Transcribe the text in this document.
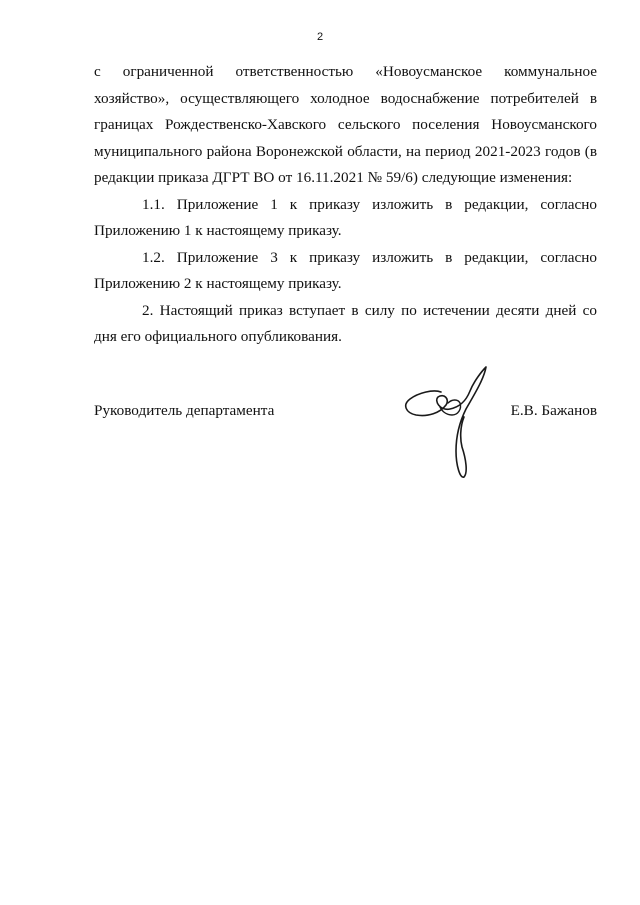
2

с ограниченной ответственностью «Новоусманское коммунальное хозяйство», осуществляющего холодное водоснабжение потребителей в границах Рождественско-Хавского сельского поселения Новоусманского муниципального района Воронежской области, на период 2021-2023 годов (в редакции приказа ДГРТ ВО от 16.11.2021 № 59/6) следующие изменения:

1.1. Приложение 1 к приказу изложить в редакции, согласно Приложению 1 к настоящему приказу.

1.2. Приложение 3 к приказу изложить в редакции, согласно Приложению 2 к настоящему приказу.

2. Настоящий приказ вступает в силу по истечении десяти дней со дня его официального опубликования.

Руководитель департамента	Е.В. Бажанов
